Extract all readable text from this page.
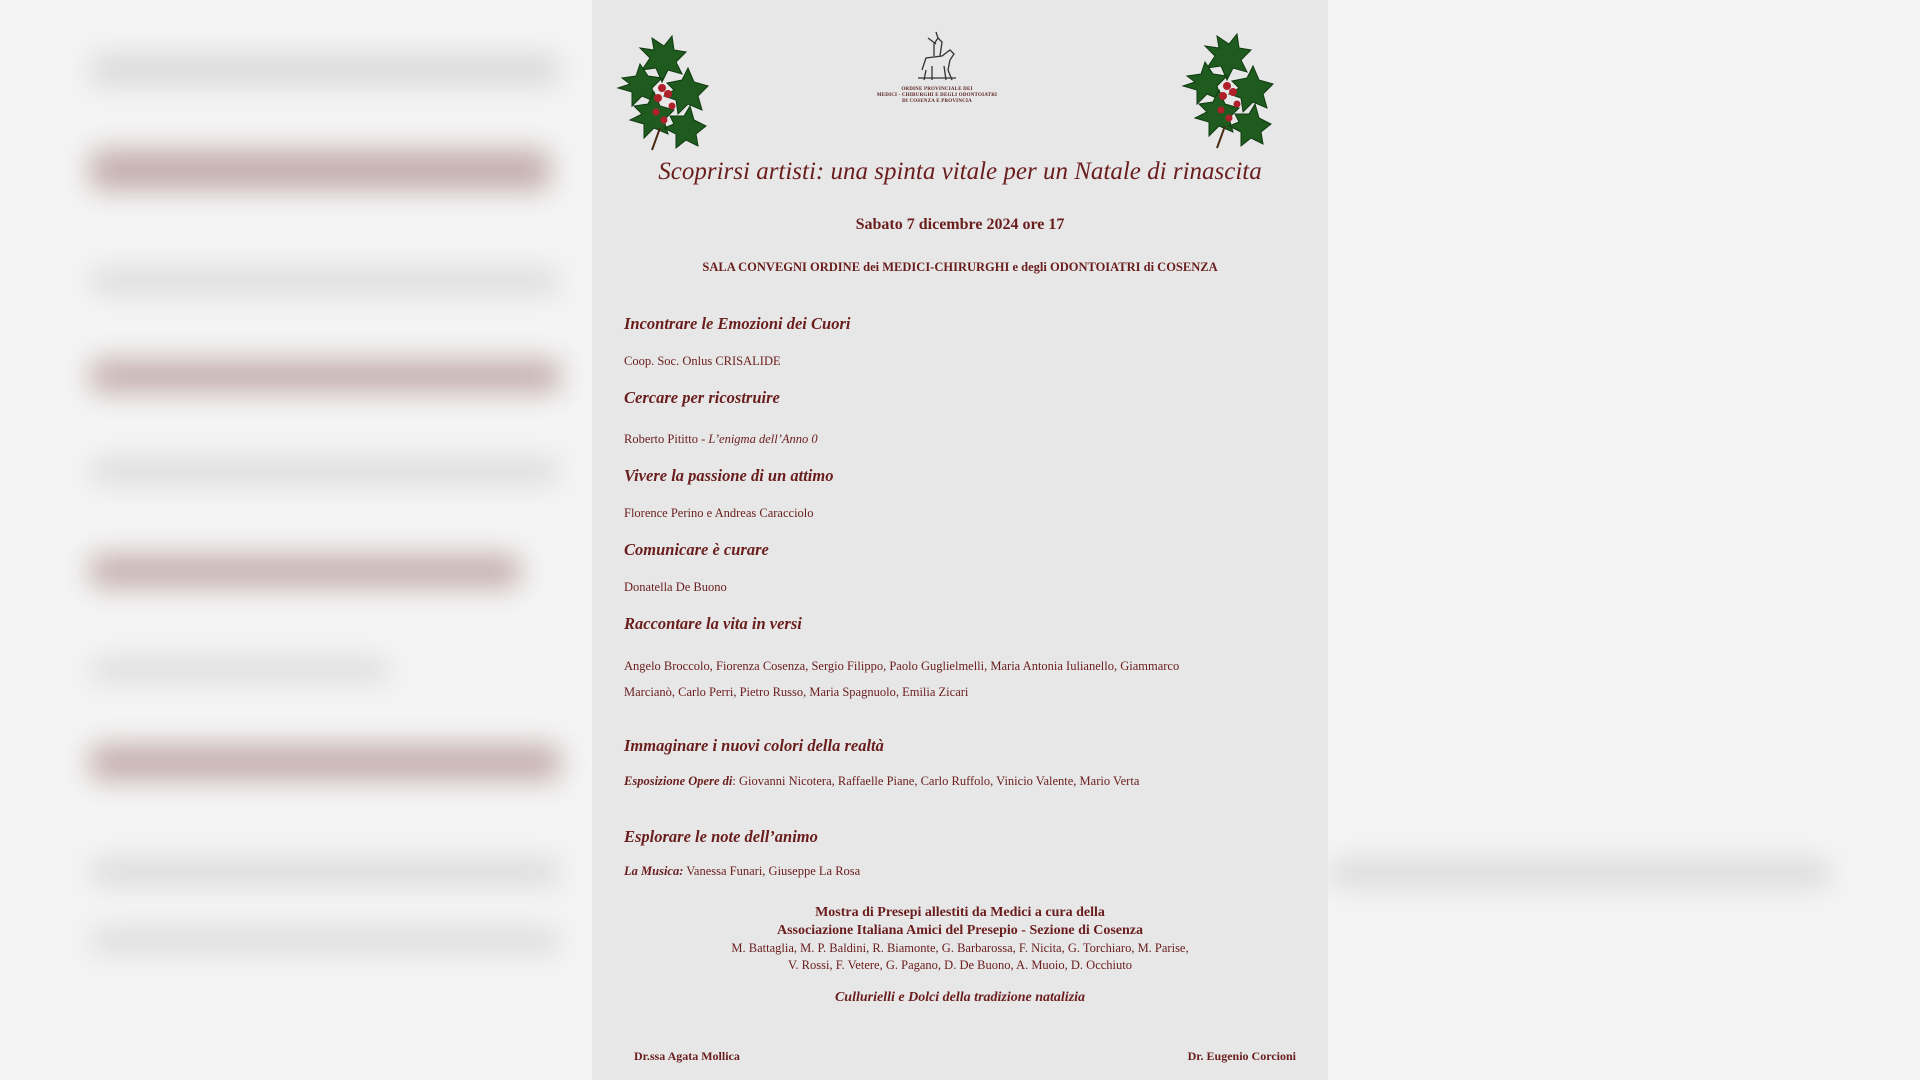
ORDINE PROVINCIALE DEI
MEDICI - CHIRURGHI E DEGLI ODONTOIATRI
DI COSENZA E PROVINCIA
Scoprirsi artisti: una spinta vitale per un Natale di rinascita
Sabato 7 dicembre 2024 ore 17
SALA CONVEGNI ORDINE dei MEDICI-CHIRURGHI e degli ODONTOIATRI di COSENZA
Incontrare le Emozioni dei Cuori
Coop. Soc. Onlus CRISALIDE
Cercare per ricostruire
Roberto Pititto - L’enigma dell’Anno 0
Vivere la passione di un attimo
Florence Perino e Andreas Caracciolo
Comunicare è curare
Donatella De Buono
Raccontare la vita in versi
Angelo Broccolo, Fiorenza Cosenza, Sergio Filippo, Paolo Guglielmelli, Maria Antonia Iulianello, Giammarco
Marcianò, Carlo Perri, Pietro Russo, Maria Spagnuolo, Emilia Zicari
Immaginare i nuovi colori della realtà
Esposizione Opere di: Giovanni Nicotera, Raffaelle Piane, Carlo Ruffolo, Vinicio Valente, Mario Verta
Esplorare le note dell’animo
La Musica: Vanessa Funari, Giuseppe La Rosa
Mostra di Presepi allestiti da Medici a cura della
Associazione Italiana Amici del Presepio - Sezione di Cosenza
M. Battaglia, M. P. Baldini, R. Biamonte, G. Barbarossa, F. Nicita, G. Torchiaro, M. Parise,
V. Rossi, F. Vetere, G. Pagano, D. De Buono, A. Muoio, D. Occhiuto
Cullurielli e Dolci della tradizione natalizia
Dr.ssa Agata Mollica	Dr. Eugenio Corcioni
